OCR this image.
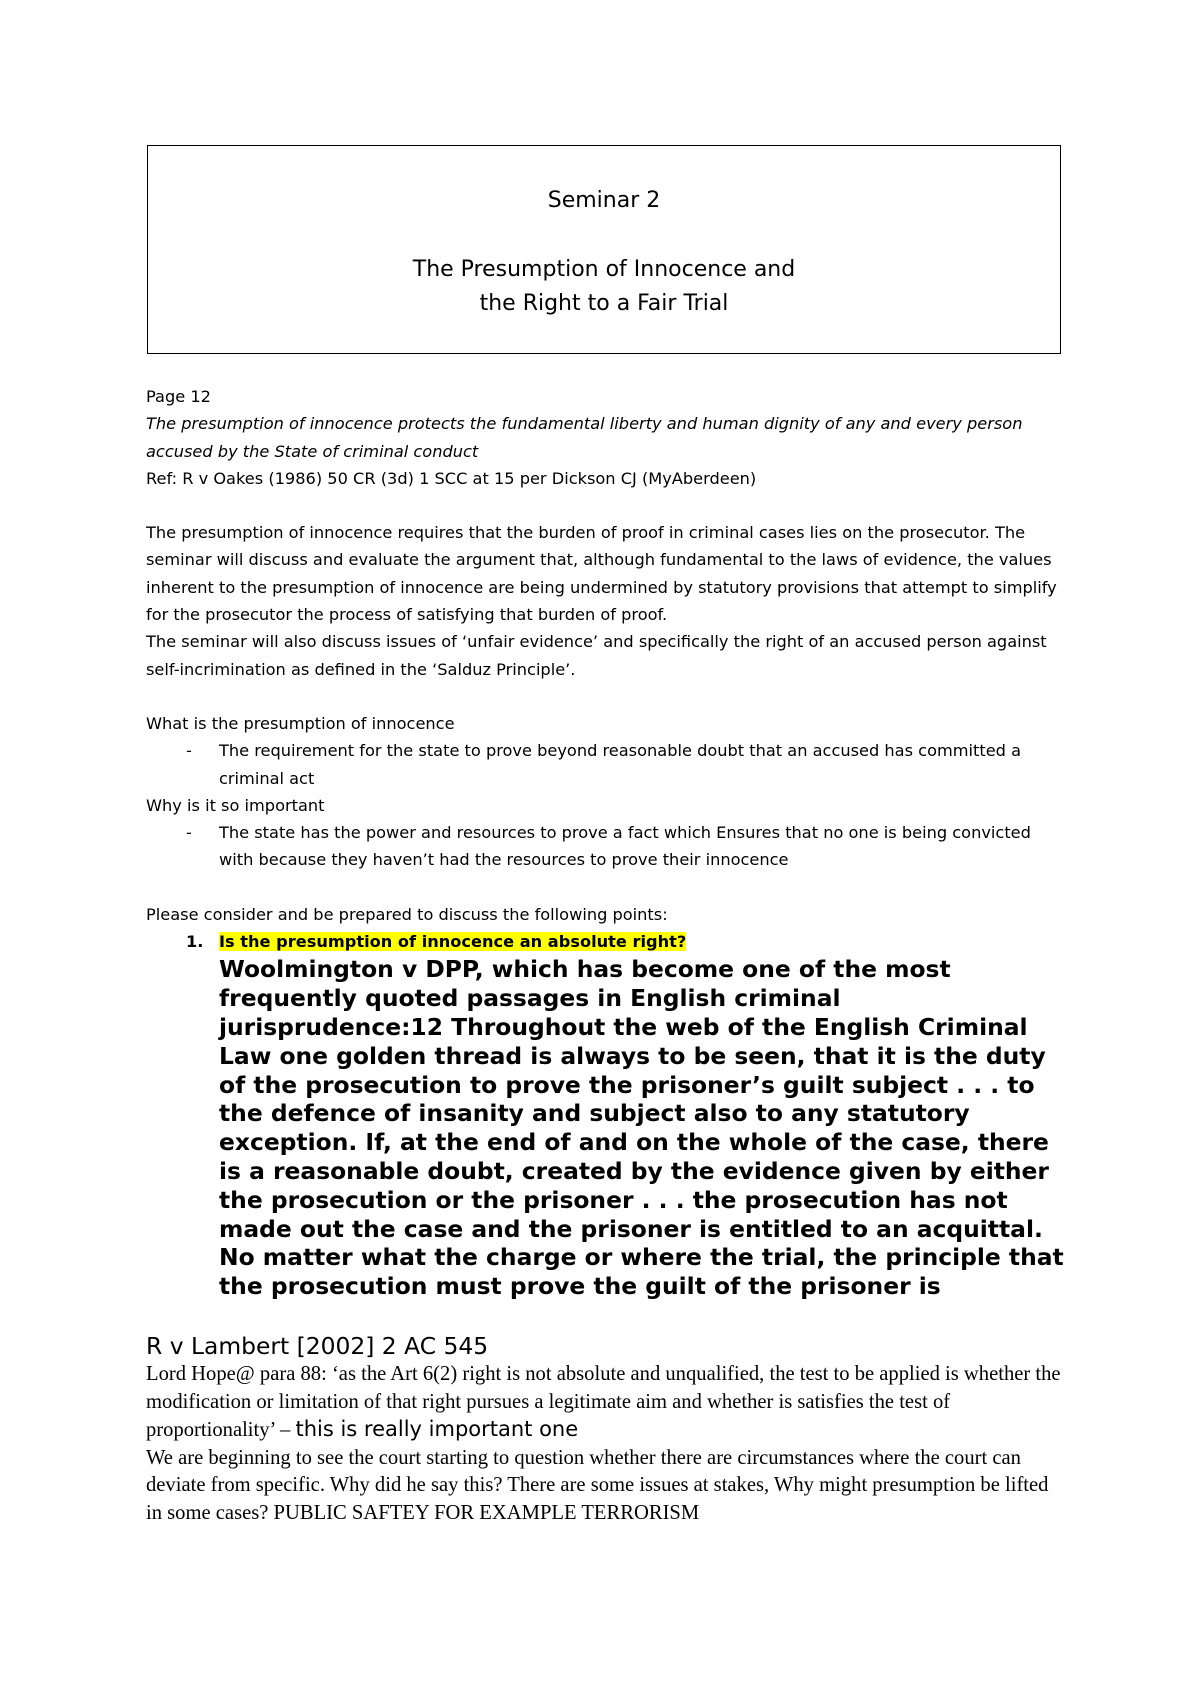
Seminar 2
The Presumption of Innocence and
the Right to a Fair Trial

Page 12

The presumption of innocence protects the fundamental liberty and human dignity of any and every person accused by the State of criminal conduct

Ref: R v Oakes (1986) 50 CR (3d) 1 SCC at 15 per Dickson CJ (MyAberdeen)

The presumption of innocence requires that the burden of proof in criminal cases lies on the prosecutor. The seminar will discuss and evaluate the argument that, although fundamental to the laws of evidence, the values inherent to the presumption of innocence are being undermined by statutory provisions that attempt to simplify for the prosecutor the process of satisfying that burden of proof.

The seminar will also discuss issues of ‘unfair evidence’ and specifically the right of an accused person against self-incrimination as defined in the ‘Salduz Principle’.

What is the presumption of innocence

- The requirement for the state to prove beyond reasonable doubt that an accused has committed a criminal act

Why is it so important

- The state has the power and resources to prove a fact which Ensures that no one is being convicted with because they haven’t had the resources to prove their innocence

Please consider and be prepared to discuss the following points:

1. Is the presumption of innocence an absolute right?

Woolmington v DPP, which has become one of the most frequently quoted passages in English criminal jurisprudence:12 Throughout the web of the English Criminal Law one golden thread is always to be seen, that it is the duty of the prosecution to prove the prisoner’s guilt subject . . . to the defence of insanity and subject also to any statutory exception. If, at the end of and on the whole of the case, there is a reasonable doubt, created by the evidence given by either the prosecution or the prisoner . . . the prosecution has not made out the case and the prisoner is entitled to an acquittal. No matter what the charge or where the trial, the principle that the prosecution must prove the guilt of the prisoner is

R v Lambert [2002] 2 AC 545

Lord Hope@ para 88: ‘as the Art 6(2) right is not absolute and unqualified, the test to be applied is whether the modification or limitation of that right pursues a legitimate aim and whether is satisfies the test of proportionality’ – this is really important one

We are beginning to see the court starting to question whether there are circumstances where the court can deviate from specific. Why did he say this? There are some issues at stakes, Why might presumption be lifted in some cases? PUBLIC SAFTEY FOR EXAMPLE TERRORISM
